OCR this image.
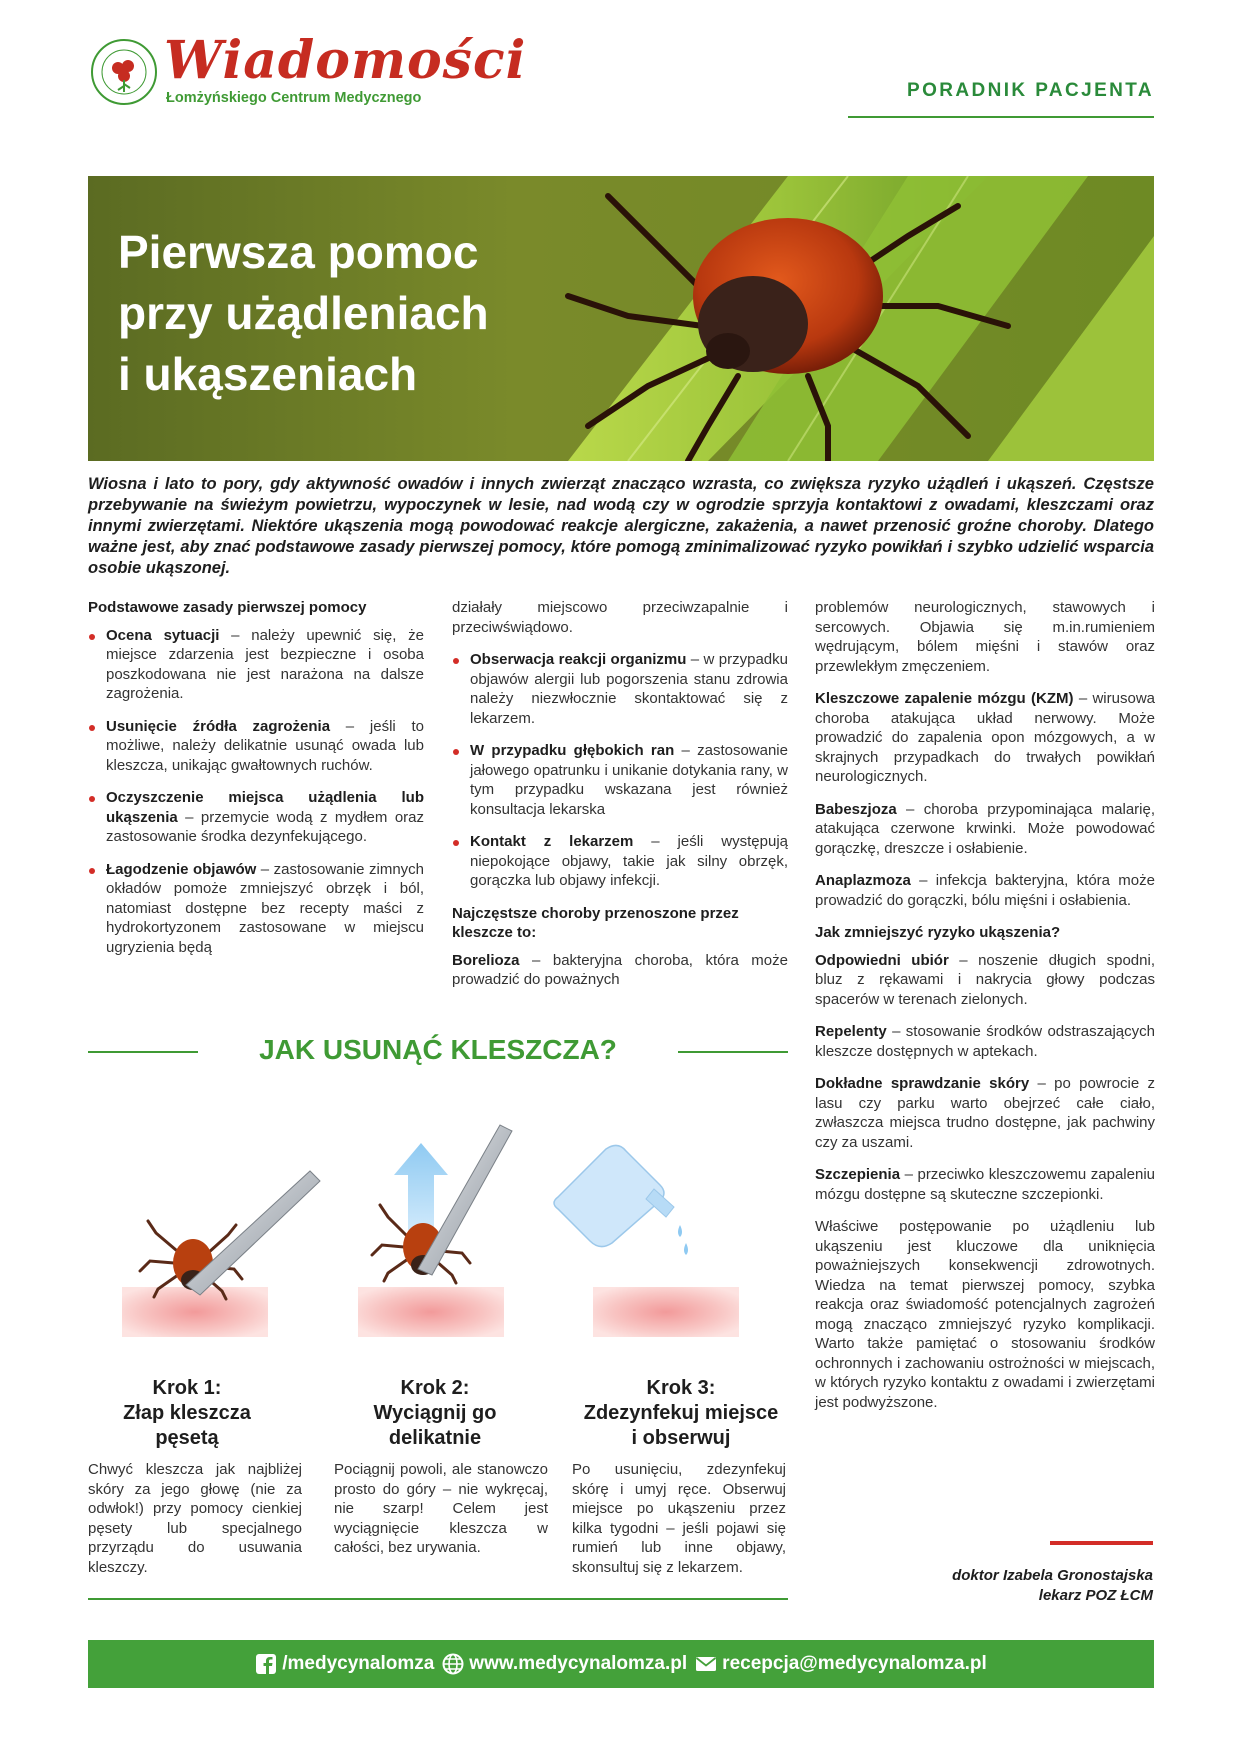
Wiadomości
Łomżyńskiego Centrum Medycznego	PORADNIK PACJENTA
Pierwsza pomoc
przy użądleniach
i ukąszeniach
Wiosna i lato to pory, gdy aktywność owadów i innych zwierząt znacząco wzrasta, co zwiększa ryzyko użądleń i ukąszeń. Częstsze przebywanie na świeżym powietrzu, wypoczynek w lesie, nad wodą czy w ogrodzie sprzyja kontaktowi z owadami, kleszczami oraz innymi zwierzętami. Niektóre ukąszenia mogą powodować reakcje alergiczne, zakażenia, a nawet przenosić groźne choroby. Dlatego ważne jest, aby znać podstawowe zasady pierwszej pomocy, które pomogą zminimalizować ryzyko powikłań i szybko udzielić wsparcia osobie ukąszonej.
Podstawowe zasady pierwszej pomocy
Ocena sytuacji – należy upewnić się, że miejsce zdarzenia jest bezpieczne i osoba poszkodowana nie jest narażona na dalsze zagrożenia.
Usunięcie źródła zagrożenia – jeśli to możliwe, należy delikatnie usunąć owada lub kleszcza, unikając gwałtownych ruchów.
Oczyszczenie miejsca użądlenia lub ukąszenia – przemycie wodą z mydłem oraz zastosowanie środka dezynfekującego.
Łagodzenie objawów – zastosowanie zimnych okładów pomoże zmniejszyć obrzęk i ból, natomiast dostępne bez recepty maści z hydrokortyzonem zastosowane w miejscu ugryzienia będą
działały miejscowo przeciwzapalnie i przeciwświądowo.
Obserwacja reakcji organizmu – w przypadku objawów alergii lub pogorszenia stanu zdrowia należy niezwłocznie skontaktować się z lekarzem.
W przypadku głębokich ran – zastosowanie jałowego opatrunku i unikanie dotykania rany, w tym przypadku wskazana jest również konsultacja lekarska
Kontakt z lekarzem – jeśli występują niepokojące objawy, takie jak silny obrzęk, gorączka lub objawy infekcji.
Najczęstsze choroby przenoszone przez kleszcze to:
Borelioza – bakteryjna choroba, która może prowadzić do poważnych
problemów neurologicznych, stawowych i sercowych. Objawia się m.in.rumieniem wędrującym, bólem mięśni i stawów oraz przewlekłym zmęczeniem.
Kleszczowe zapalenie mózgu (KZM) – wirusowa choroba atakująca układ nerwowy. Może prowadzić do zapalenia opon mózgowych, a w skrajnych przypadkach do trwałych powikłań neurologicznych.
Babeszjoza – choroba przypominająca malarię, atakująca czerwone krwinki. Może powodować gorączkę, dreszcze i osłabienie.
Anaplazmoza – infekcja bakteryjna, która może prowadzić do gorączki, bólu mięśni i osłabienia.
Jak zmniejszyć ryzyko ukąszenia?
Odpowiedni ubiór – noszenie długich spodni, bluz z rękawami i nakrycia głowy podczas spacerów w terenach zielonych.
Repelenty – stosowanie środków odstraszających kleszcze dostępnych w aptekach.
Dokładne sprawdzanie skóry – po powrocie z lasu czy parku warto obejrzeć całe ciało, zwłaszcza miejsca trudno dostępne, jak pachwiny czy za uszami.
Szczepienia – przeciwko kleszczowemu zapaleniu mózgu dostępne są skuteczne szczepionki.
Właściwe postępowanie po użądleniu lub ukąszeniu jest kluczowe dla uniknięcia poważniejszych konsekwencji zdrowotnych. Wiedza na temat pierwszej pomocy, szybka reakcja oraz świadomość potencjalnych zagrożeń mogą znacząco zmniejszyć ryzyko komplikacji. Warto także pamiętać o stosowaniu środków ochronnych i zachowaniu ostrożności w miejscach, w których ryzyko kontaktu z owadami i zwierzętami jest podwyższone.
JAK USUNĄĆ KLESZCZA?
Krok 1:
Złap kleszcza
pęsetą
Krok 2:
Wyciągnij go
delikatnie
Krok 3:
Zdezynfekuj miejsce
i obserwuj
Chwyć kleszcza jak najbliżej skóry za jego głowę (nie za odwłok!) przy pomocy cienkiej pęsety lub specjalnego przyrządu do usuwania kleszczy.
Pociągnij powoli, ale stanowczo prosto do góry – nie wykręcaj, nie szarp! Celem jest wyciągnięcie kleszcza w całości, bez urywania.
Po usunięciu, zdezynfekuj skórę i umyj ręce. Obserwuj miejsce po ukąszeniu przez kilka tygodni – jeśli pojawi się rumień lub inne objawy, skonsultuj się z lekarzem.	doktor Izabela Gronostajska
lekarz POZ ŁCM
/medycynalomza www.medycynalomza.pl recepcja@medycynalomza.pl
